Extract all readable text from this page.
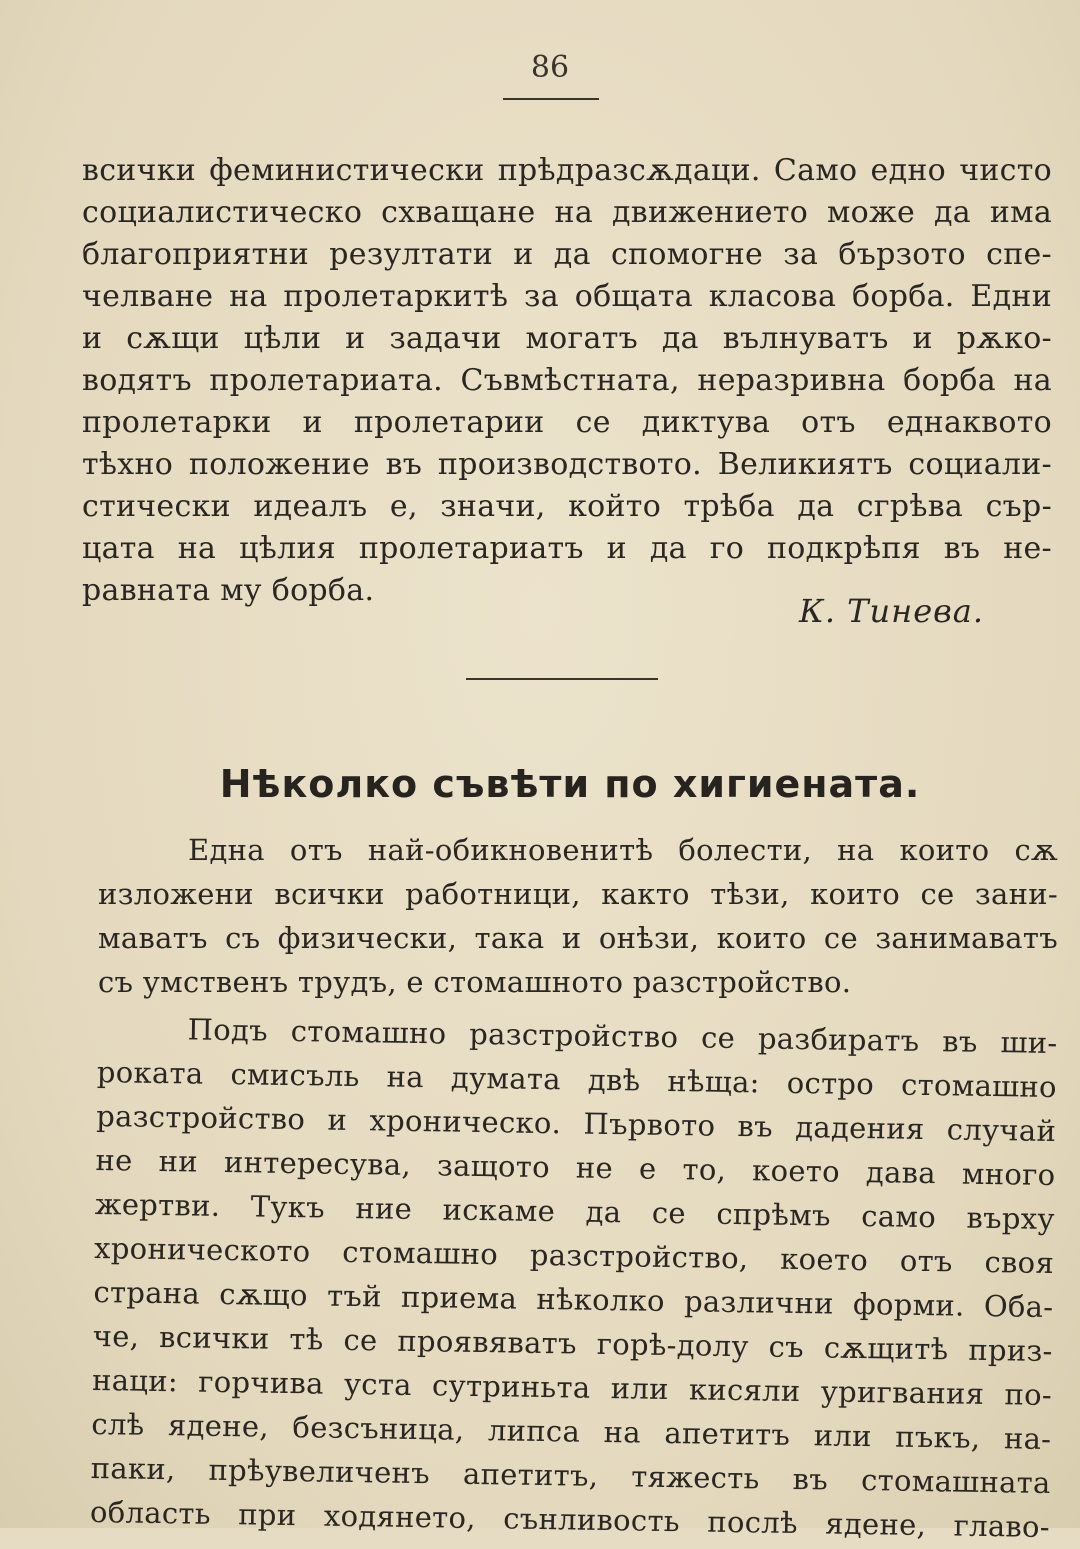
86
всички феминистически прѣдразсѫдаци. Само едно чисто
социалистическо схващане на движението може да има
благоприятни резултати и да спомогне за бързото спе-
челване на пролетаркитѣ за общата класова борба. Едни
и сѫщи цѣли и задачи могатъ да вълнуватъ и рѫко-
водятъ пролетариата. Съвмѣстната, неразривна борба на
пролетарки и пролетарии се диктува отъ еднаквото
тѣхно положение въ производството. Великиятъ социали-
стически идеалъ е, значи, който трѣба да сгрѣва сър-
цата на цѣлия пролетариатъ и да го подкрѣпя въ не-
равната му борба.
К. Тинева.
Нѣколко съвѣти по хигиената.
Една отъ най-обикновенитѣ болести, на които сѫ
изложени всички работници, както тѣзи, които се зани-
маватъ съ физически, така и онѣзи, които се занимаватъ
съ умственъ трудъ, е стомашното разстройство.
Подъ стомашно разстройство се разбиратъ въ ши-
роката смисъль на думата двѣ нѣща: остро стомашно
разстройство и хроническо. Първото въ дадения случай
не ни интересува, защото не е то, което дава много
жертви. Тукъ ние искаме да се спрѣмъ само върху
хроническото стомашно разстройство, което отъ своя
страна сѫщо тъй приема нѣколко различни форми. Оба-
че, всички тѣ се проявяватъ горѣ-долу съ сѫщитѣ приз-
наци: горчива уста сутриньта или кисяли уригвания по-
слѣ ядене, безсъница, липса на апетитъ или пъкъ, на-
паки, прѣувеличенъ апетитъ, тяжесть въ стомашната
область при ходянето, сънливость послѣ ядене, главо-
